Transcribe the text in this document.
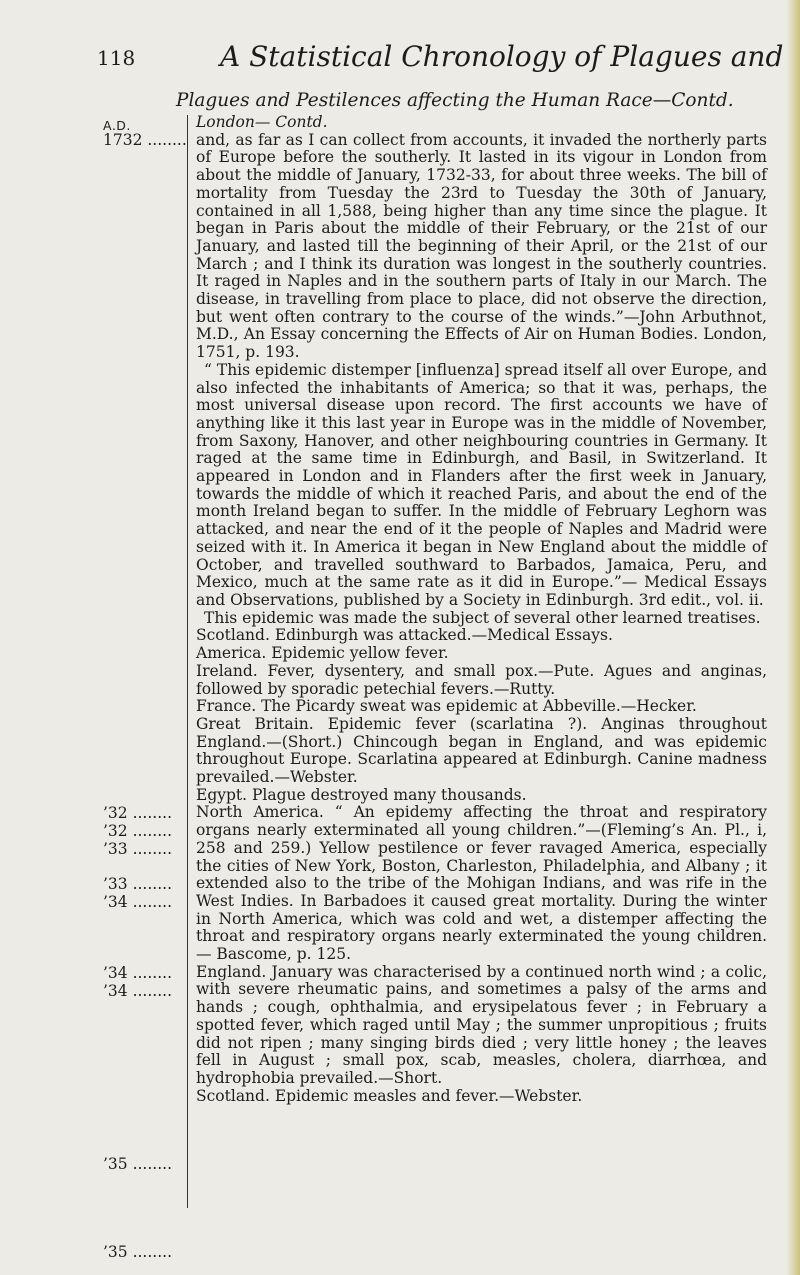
118	A Statistical Chronology of Plagues and
Plagues and Pestilences affecting the Human Race—Contd.
A.D.
1732 ........
’32 ........
’32 ........
’33 ........
’33 ........
’34 ........
’34 ........
’34 ........
’35 ........
’35 ........

London— Contd.

and, as far as I can collect from accounts, it invaded the northerly parts of Europe before the southerly. It lasted in its vigour in London from about the middle of January, 1732-33, for about three weeks. The bill of mortality from Tuesday the 23rd to Tuesday the 30th of January, contained in all 1,588, being higher than any time since the plague. It began in Paris about the middle of their February, or the 21st of our January, and lasted till the beginning of their April, or the 21st of our March ; and I think its duration was longest in the southerly countries. It raged in Naples and in the southern parts of Italy in our March. The disease, in travelling from place to place, did not observe the direction, but went often contrary to the course of the winds.”—John Arbuthnot, M.D., An Essay concerning the Effects of Air on Human Bodies. London, 1751, p. 193.

“ This epidemic distemper [influenza] spread itself all over Europe, and also infected the inhabitants of America; so that it was, perhaps, the most universal disease upon record. The first accounts we have of anything like it this last year in Europe was in the middle of November, from Saxony, Hanover, and other neighbouring countries in Germany. It raged at the same time in Edinburgh, and Basil, in Switzerland. It appeared in London and in Flanders after the first week in January, towards the middle of which it reached Paris, and about the end of the month Ireland began to suffer. In the middle of February Leghorn was attacked, and near the end of it the people of Naples and Madrid were seized with it. In America it began in New England about the middle of October, and travelled southward to Barbados, Jamaica, Peru, and Mexico, much at the same rate as it did in Europe.”— Medical Essays and Observations, published by a Society in Edinburgh. 3rd edit., vol. ii.

This epidemic was made the subject of several other learned treatises.

Scotland. Edinburgh was attacked.—Medical Essays.

America. Epidemic yellow fever.

Ireland. Fever, dysentery, and small pox.—Pute. Agues and anginas, followed by sporadic petechial fevers.—Rutty.

France. The Picardy sweat was epidemic at Abbeville.—Hecker.

Great Britain. Epidemic fever (scarlatina ?). Anginas throughout England.—(Short.) Chincough began in England, and was epidemic throughout Europe. Scarlatina appeared at Edinburgh. Canine madness prevailed.—Webster.

Egypt. Plague destroyed many thousands.

North America. “ An epidemy affecting the throat and respiratory organs nearly exterminated all young children.”—(Fleming’s An. Pl., i, 258 and 259.) Yellow pestilence or fever ravaged America, especially the cities of New York, Boston, Charleston, Philadelphia, and Albany ; it extended also to the tribe of the Mohigan Indians, and was rife in the West Indies. In Barbadoes it caused great mortality. During the winter in North America, which was cold and wet, a distemper affecting the throat and respiratory organs nearly exterminated the young children. — Bascome, p. 125.

England. January was characterised by a continued north wind ; a colic, with severe rheumatic pains, and sometimes a palsy of the arms and hands ; cough, ophthalmia, and erysipelatous fever ; in February a spotted fever, which raged until May ; the summer unpropitious ; fruits did not ripen ; many singing birds died ; very little honey ; the leaves fell in August ; small pox, scab, measles, cholera, diarrhœa, and hydrophobia prevailed.—Short.

Scotland. Epidemic measles and fever.—Webster.
